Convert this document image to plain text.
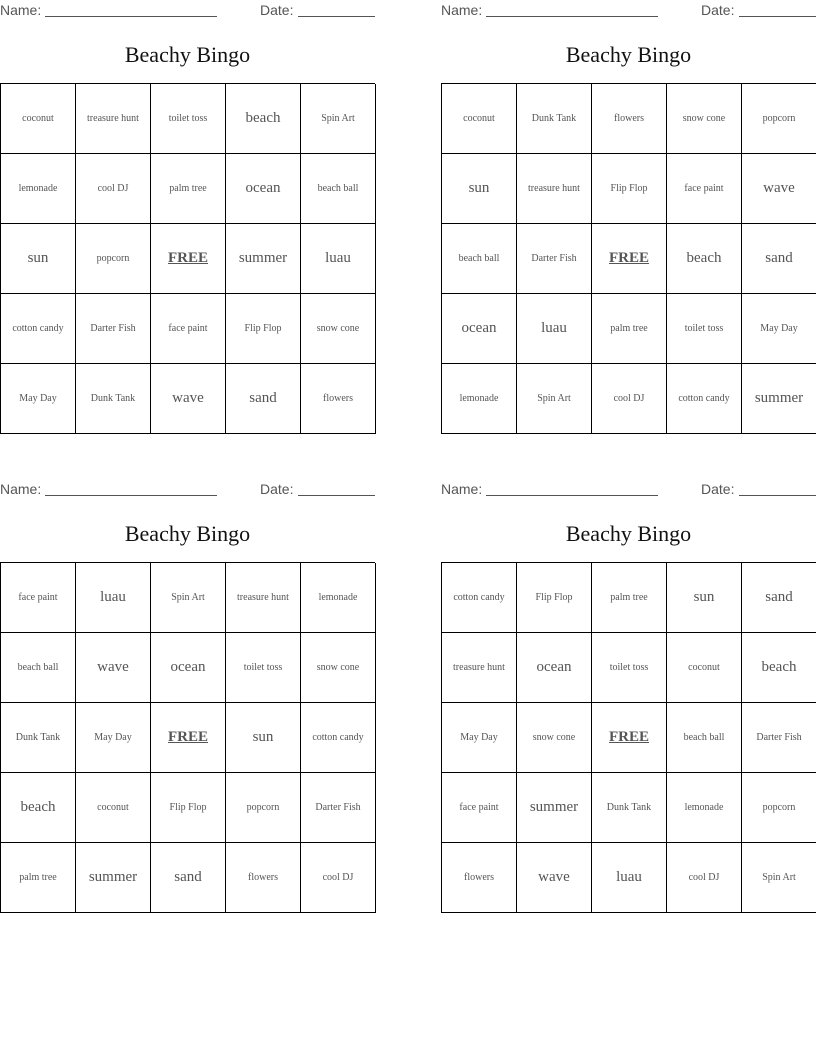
Name:	Date:
Beachy Bingo
coconut	treasure hunt	toilet toss	beach	Spin Art
lemonade	cool DJ	palm tree	ocean	beach ball
sun	popcorn	FREE	summer	luau
cotton candy	Darter Fish	face paint	Flip Flop	snow cone
May Day	Dunk Tank	wave	sand	flowers
Name:	Date:
Beachy Bingo
coconut	Dunk Tank	flowers	snow cone	popcorn
sun	treasure hunt	Flip Flop	face paint	wave
beach ball	Darter Fish	FREE	beach	sand
ocean	luau	palm tree	toilet toss	May Day
lemonade	Spin Art	cool DJ	cotton candy	summer
Name:	Date:
Beachy Bingo
face paint	luau	Spin Art	treasure hunt	lemonade
beach ball	wave	ocean	toilet toss	snow cone
Dunk Tank	May Day	FREE	sun	cotton candy
beach	coconut	Flip Flop	popcorn	Darter Fish
palm tree	summer	sand	flowers	cool DJ
Name:	Date:
Beachy Bingo
cotton candy	Flip Flop	palm tree	sun	sand
treasure hunt	ocean	toilet toss	coconut	beach
May Day	snow cone	FREE	beach ball	Darter Fish
face paint	summer	Dunk Tank	lemonade	popcorn
flowers	wave	luau	cool DJ	Spin Art
